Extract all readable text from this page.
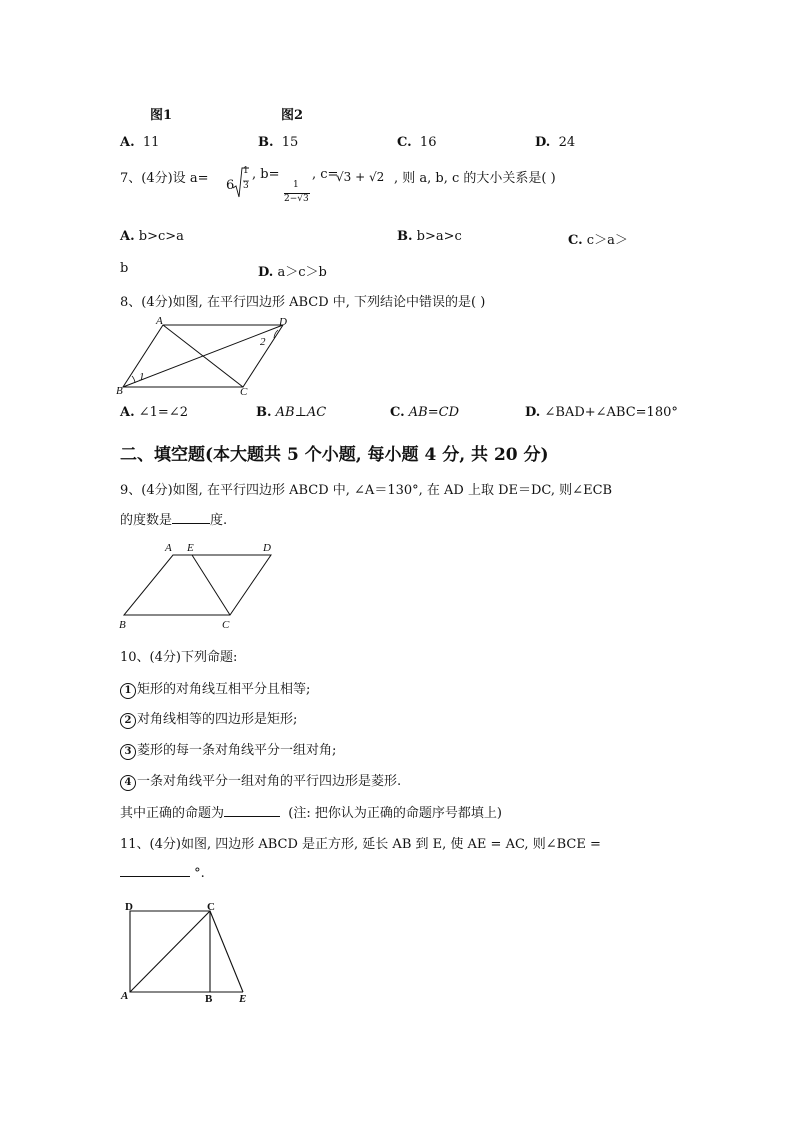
图1	图2
A. 11	B. 15	C. 16	D. 24
7、(4分)设 a= 6
1
3
, b=
1
2−√3
, c=
√3 + √2 , 则 a, b, c 的大小关系是( )
A. b>c>a	B. b>a>c	C. c＞a＞
b	D. a＞c＞b
8、(4分)如图, 在平行四边形 ABCD 中, 下列结论中错误的是( )
A	D
B	C
1
2
A. ∠1=∠2	B. AB⊥AC	C. AB=CD	D. ∠BAD+∠ABC=180°
二、填空题(本大题共 5 个小题, 每小题 4 分, 共 20 分)
9、(4分)如图, 在平行四边形 ABCD 中, ∠A＝130°, 在 AD 上取 DE＝DC, 则∠ECB
的度数是	度.
A E	D
B	C
10、(4分)下列命题:
1 矩形的对角线互相平分且相等;
2 对角线相等的四边形是矩形;
3 菱形的每一条对角线平分一组对角;
4 一条对角线平分一组对角的平行四边形是菱形.
其中正确的命题为	(注: 把你认为正确的命题序号都填上)
11、(4分)如图, 四边形 ABCD 是正方形, 延长 AB 到 E, 使 AE = AC, 则∠BCE =
°.
D	C
A	B E
